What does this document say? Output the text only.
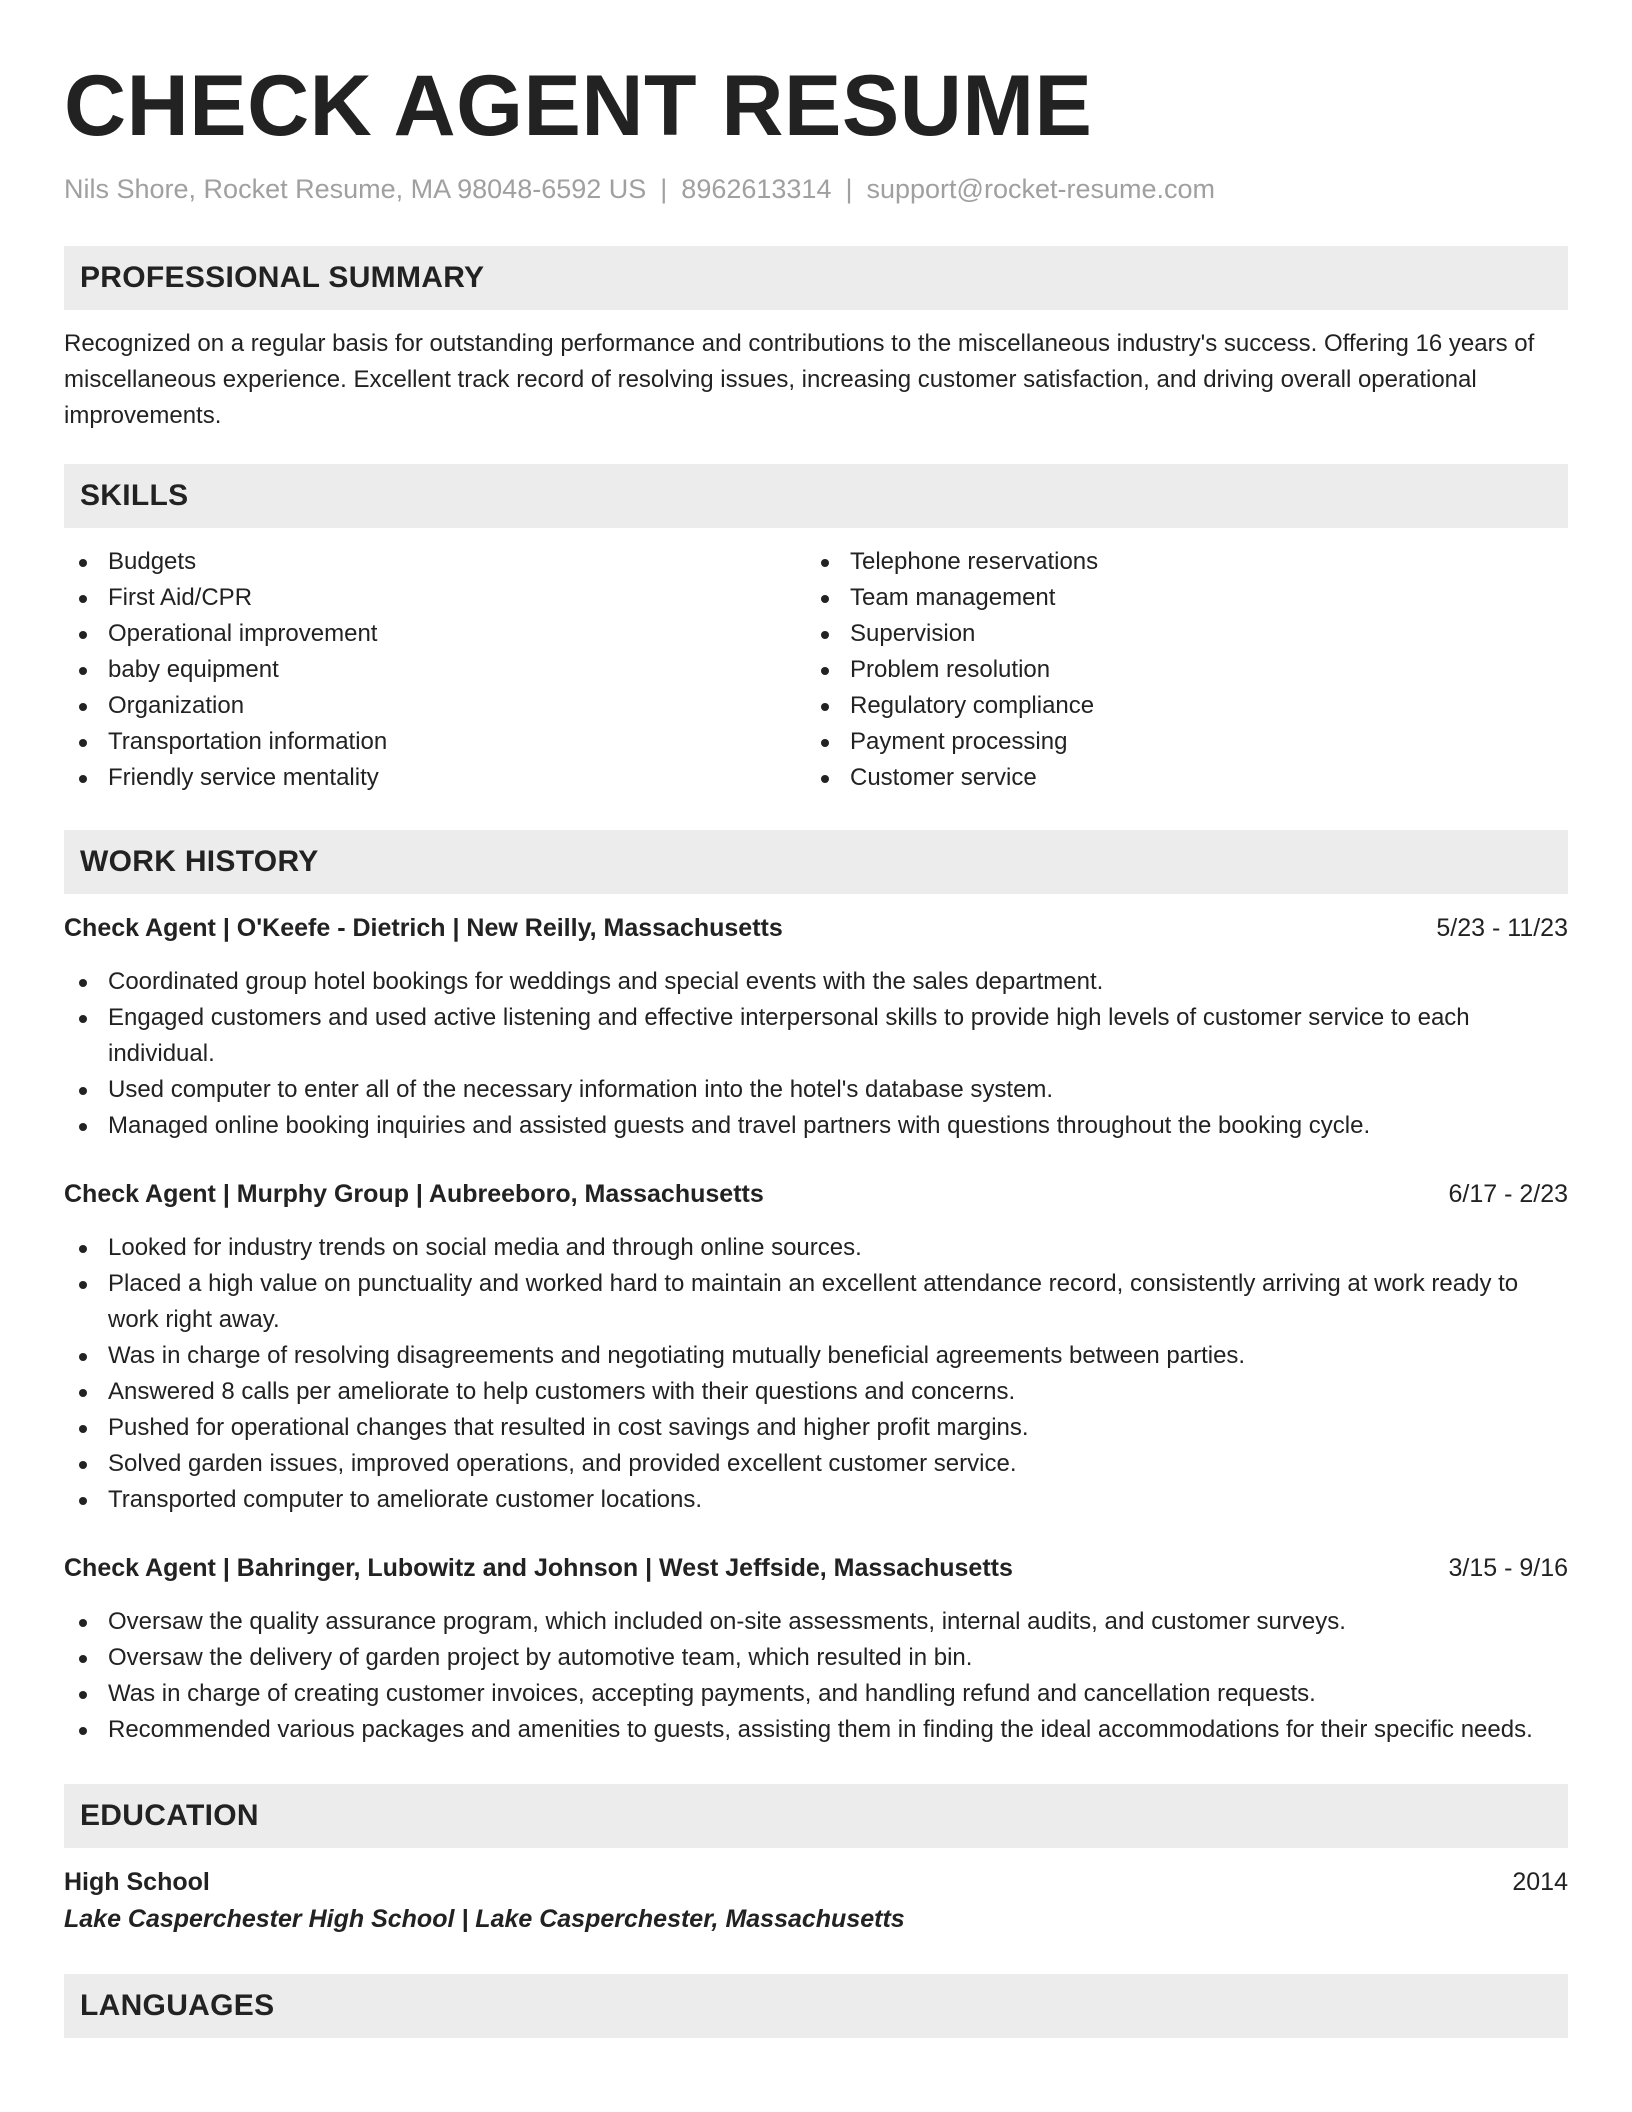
CHECK AGENT RESUME
Nils Shore, Rocket Resume, MA 98048-6592 US | 8962613314 | support@rocket-resume.com
PROFESSIONAL SUMMARY

Recognized on a regular basis for outstanding performance and contributions to the miscellaneous industry's success. Offering 16 years of miscellaneous experience. Excellent track record of resolving issues, increasing customer satisfaction, and driving overall operational improvements.

SKILLS
Budgets
First Aid/CPR
Operational improvement
baby equipment
Organization
Transportation information
Friendly service mentality
Telephone reservations
Team management
Supervision
Problem resolution
Regulatory compliance
Payment processing
Customer service
WORK HISTORY
Check Agent | O'Keefe - Dietrich | New Reilly, Massachusetts	5/23 - 11/23
Coordinated group hotel bookings for weddings and special events with the sales department.
Engaged customers and used active listening and effective interpersonal skills to provide high levels of customer service to each individual.
Used computer to enter all of the necessary information into the hotel's database system.
Managed online booking inquiries and assisted guests and travel partners with questions throughout the booking cycle.
Check Agent | Murphy Group | Aubreeboro, Massachusetts	6/17 - 2/23
Looked for industry trends on social media and through online sources.
Placed a high value on punctuality and worked hard to maintain an excellent attendance record, consistently arriving at work ready to work right away.
Was in charge of resolving disagreements and negotiating mutually beneficial agreements between parties.
Answered 8 calls per ameliorate to help customers with their questions and concerns.
Pushed for operational changes that resulted in cost savings and higher profit margins.
Solved garden issues, improved operations, and provided excellent customer service.
Transported computer to ameliorate customer locations.
Check Agent | Bahringer, Lubowitz and Johnson | West Jeffside, Massachusetts	3/15 - 9/16
Oversaw the quality assurance program, which included on-site assessments, internal audits, and customer surveys.
Oversaw the delivery of garden project by automotive team, which resulted in bin.
Was in charge of creating customer invoices, accepting payments, and handling refund and cancellation requests.
Recommended various packages and amenities to guests, assisting them in finding the ideal accommodations for their specific needs.
EDUCATION
High School	2014
Lake Casperchester High School | Lake Casperchester, Massachusetts
LANGUAGES
